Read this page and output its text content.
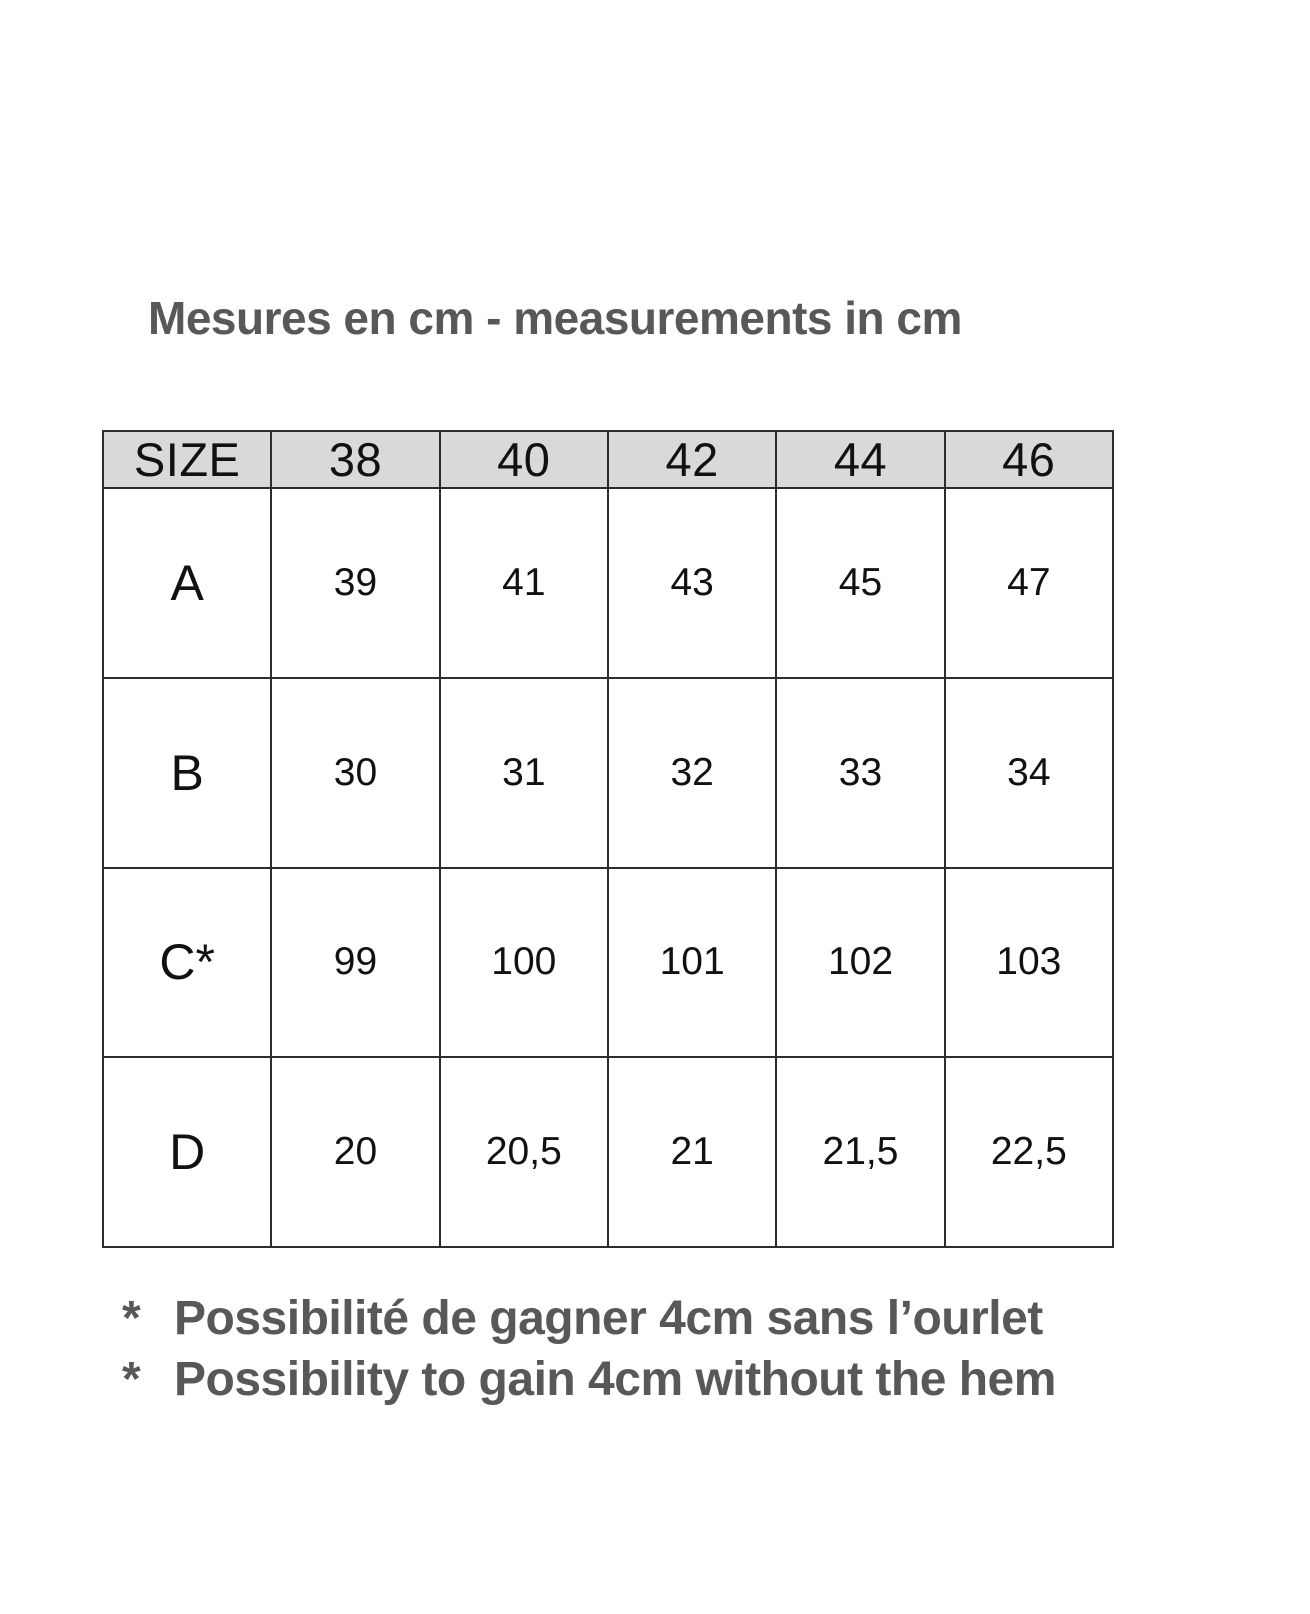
Mesures en cm - measurements in cm
SIZE	38	40	42	44	46
A	39	41	43	45	47
B	30	31	32	33	34
C*	99	100	101	102	103
D	20	20,5	21	21,5	22,5
* Possibilité de gagner 4cm sans l’ourlet
* Possibility to gain 4cm without the hem
